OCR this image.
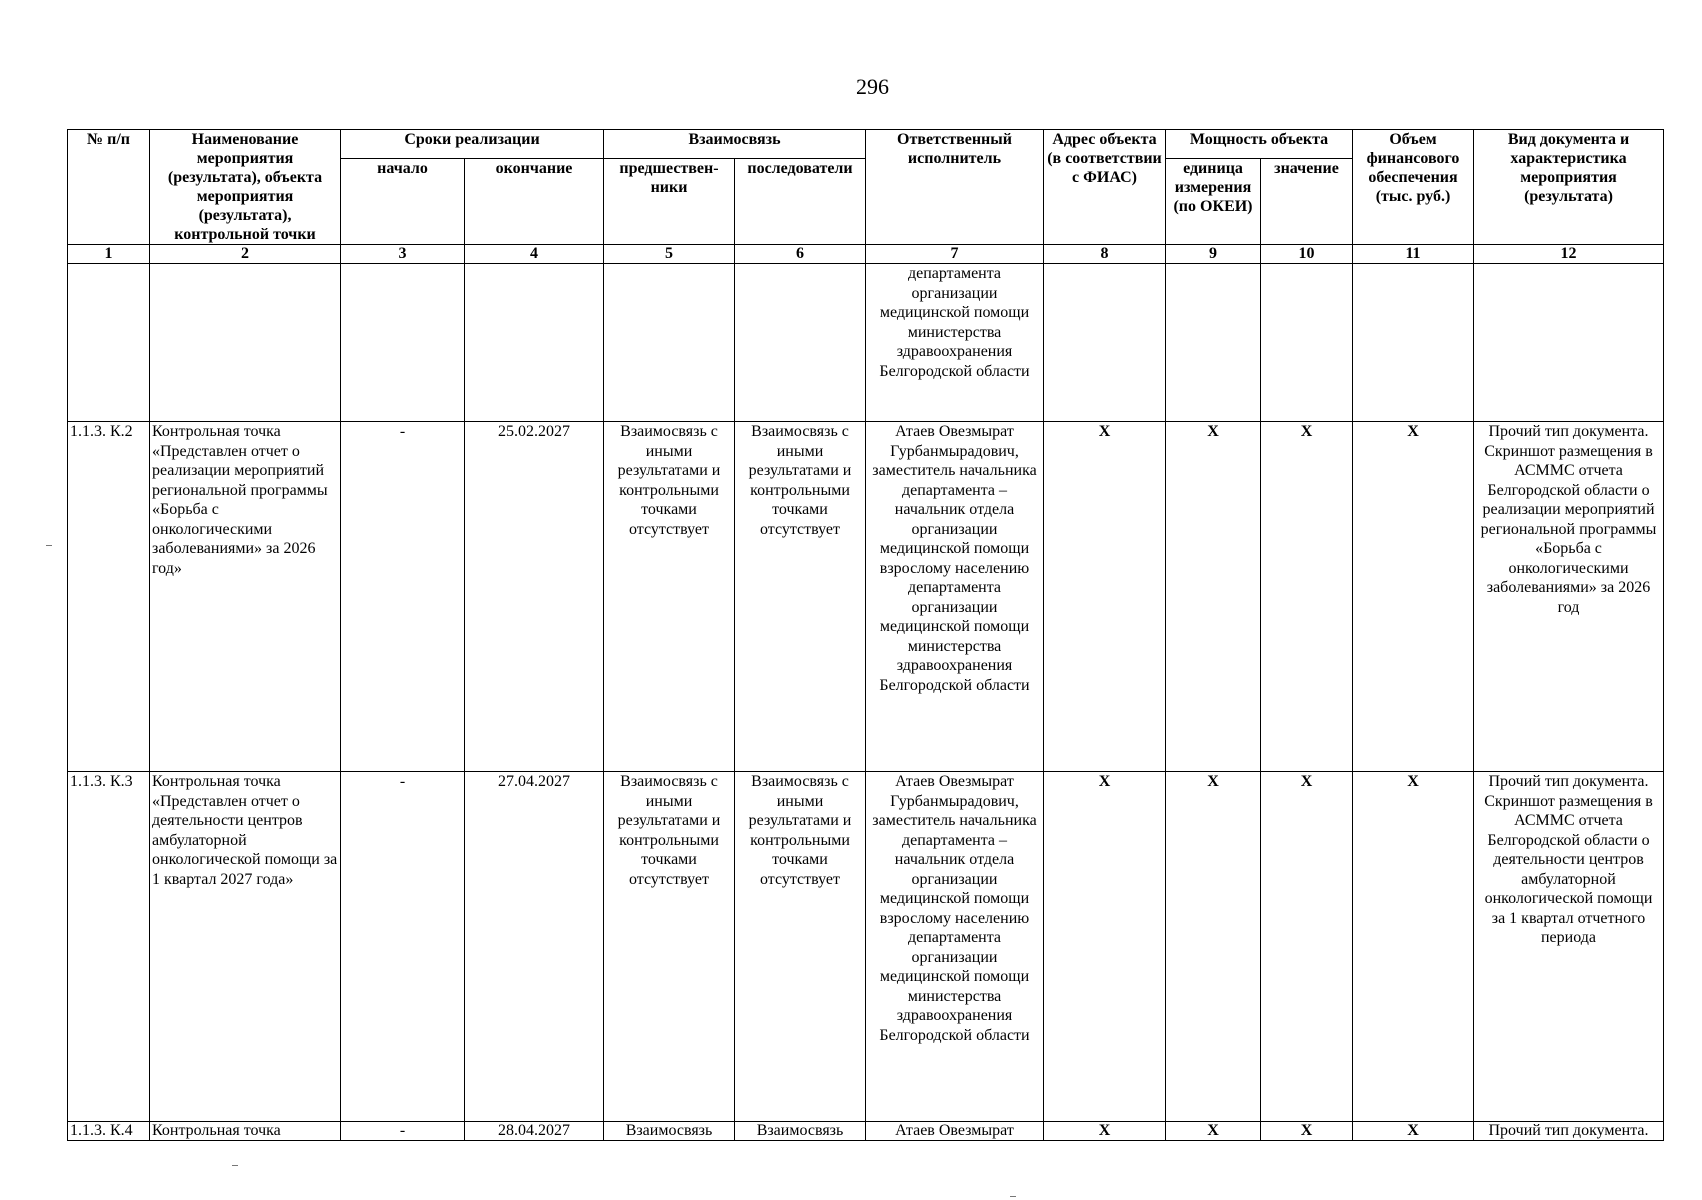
296
№ п/п	Наименование мероприятия (результата), объекта мероприятия (результата), контрольной точки	Сроки реализации		Взаимосвязь		Ответственный исполнитель	Адрес объекта (в соответствии с ФИАС)	Мощность объекта		Объем финансового обеспечения (тыс. руб.)	Вид документа и характеристика мероприятия (результата)
		начало	окончание	предшествен-ники	последователи			единица измерения (по ОКЕИ)	значение		
1	2	3	4	5	6	7	8	9	10	11	12
						департамента организации медицинской помощи министерства здравоохранения Белгородской области					
1.1.3. К.2	Контрольная точка «Представлен отчет о реализации мероприятий региональной программы «Борьба с онкологическими заболеваниями» за 2026 год»	-	25.02.2027	Взаимосвязь с иными результатами и контрольными точками отсутствует	Взаимосвязь с иными результатами и контрольными точками отсутствует	Атаев Овезмырат Гурбанмырадович, заместитель начальника департамента – начальник отдела организации медицинской помощи взрослому населению департамента организации медицинской помощи министерства здравоохранения Белгородской области	Х	Х	Х	Х	Прочий тип документа. Скриншот размещения в АСММС отчета Белгородской области о реализации мероприятий региональной программы «Борьба с онкологическими заболеваниями» за 2026 год
1.1.3. К.3	Контрольная точка «Представлен отчет о деятельности центров амбулаторной онкологической помощи за 1 квартал 2027 года»	-	27.04.2027	Взаимосвязь с иными результатами и контрольными точками отсутствует	Взаимосвязь с иными результатами и контрольными точками отсутствует	Атаев Овезмырат Гурбанмырадович, заместитель начальника департамента – начальник отдела организации медицинской помощи взрослому населению департамента организации медицинской помощи министерства здравоохранения Белгородской области	Х	Х	Х	Х	Прочий тип документа. Скриншот размещения в АСММС отчета Белгородской области о деятельности центров амбулаторной онкологической помощи за 1 квартал отчетного периода
1.1.3. К.4	Контрольная точка	-	28.04.2027	Взаимосвязь	Взаимосвязь	Атаев Овезмырат	Х	Х	Х	Х	Прочий тип документа.
